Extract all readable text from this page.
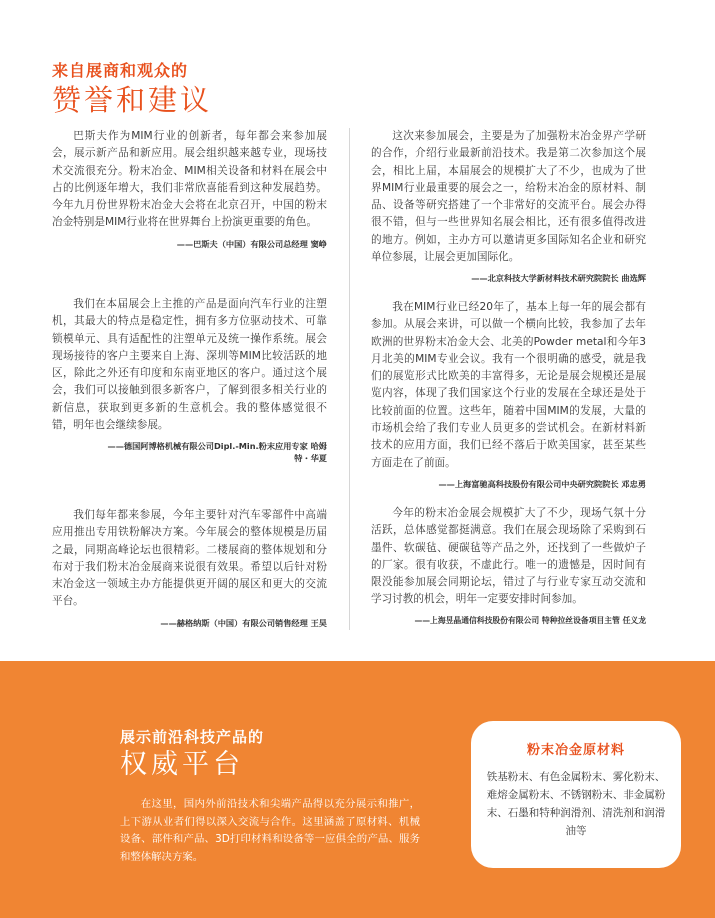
来自展商和观众的
赞誉和建议

巴斯夫作为MIM行业的创新者，每年都会来参加展会，展示新产品和新应用。展会组织越来越专业，现场技术交流很充分。粉末冶金、MIM相关设备和材料在展会中占的比例逐年增大，我们非常欣喜能看到这种发展趋势。今年九月份世界粉末冶金大会将在北京召开，中国的粉末冶金特别是MIM行业将在世界舞台上扮演更重要的角色。

——巴斯夫（中国）有限公司总经理 窦峥

我们在本届展会上主推的产品是面向汽车行业的注塑机，其最大的特点是稳定性，拥有多方位驱动技术、可靠锁模单元、具有适配性的注塑单元及统一操作系统。展会现场接待的客户主要来自上海、深圳等MIM比较活跃的地区，除此之外还有印度和东南亚地区的客户。通过这个展会，我们可以接触到很多新客户，了解到很多相关行业的新信息，获取到更多新的生意机会。我的整体感觉很不错，明年也会继续参展。

——德国阿博格机械有限公司Dipl.-Min.粉末应用专家 哈姆特・华夏

我们每年都来参展，今年主要针对汽车零部件中高端应用推出专用铁粉解决方案。今年展会的整体规模是历届之最，同期高峰论坛也很精彩。二楼展商的整体规划和分布对于我们粉末冶金展商来说很有效果。希望以后针对粉末冶金这一领域主办方能提供更开阔的展区和更大的交流平台。

——赫格纳斯（中国）有限公司销售经理 王昊

这次来参加展会，主要是为了加强粉末冶金界产学研的合作，介绍行业最新前沿技术。我是第二次参加这个展会，相比上届，本届展会的规模扩大了不少，也成为了世界MIM行业最重要的展会之一，给粉末冶金的原材料、制品、设备等研究搭建了一个非常好的交流平台。展会办得很不错，但与一些世界知名展会相比，还有很多值得改进的地方。例如，主办方可以邀请更多国际知名企业和研究单位参展，让展会更加国际化。

——北京科技大学新材料技术研究院院长 曲选辉

我在MIM行业已经20年了，基本上每一年的展会都有参加。从展会来讲，可以做一个横向比较，我参加了去年欧洲的世界粉末冶金大会、北美的Powder metal和今年3月北美的MIM专业会议。我有一个很明确的感受，就是我们的展览形式比欧美的丰富得多，无论是展会规模还是展览内容，体现了我们国家这个行业的发展在全球还是处于比较前面的位置。这些年，随着中国MIM的发展，大量的市场机会给了我们专业人员更多的尝试机会。在新材料新技术的应用方面，我们已经不落后于欧美国家，甚至某些方面走在了前面。

——上海富驰高科技股份有限公司中央研究院院长 邓忠勇

今年的粉末冶金展会规模扩大了不少，现场气氛十分活跃，总体感觉都挺满意。我们在展会现场除了采购到石墨件、软碳毡、硬碳毡等产品之外，还找到了一些做炉子的厂家。很有收获，不虚此行。唯一的遗憾是，因时间有限没能参加展会同期论坛，错过了与行业专家互动交流和学习讨教的机会，明年一定要安排时间参加。

——上海昱晶通信科技股份有限公司 特种拉丝设备项目主管 任义龙
展示前沿科技产品的
权威平台

在这里，国内外前沿技术和尖端产品得以充分展示和推广，上下游从业者们得以深入交流与合作。这里涵盖了原材料、机械设备、部件和产品、3D打印材料和设备等一应俱全的产品、服务和整体解决方案。

粉末冶金原材料
铁基粉末、有色金属粉末、雾化粉末、难熔金属粉末、不锈钢粉末、非金属粉末、石墨和特种润滑剂、清洗剂和润滑油等
